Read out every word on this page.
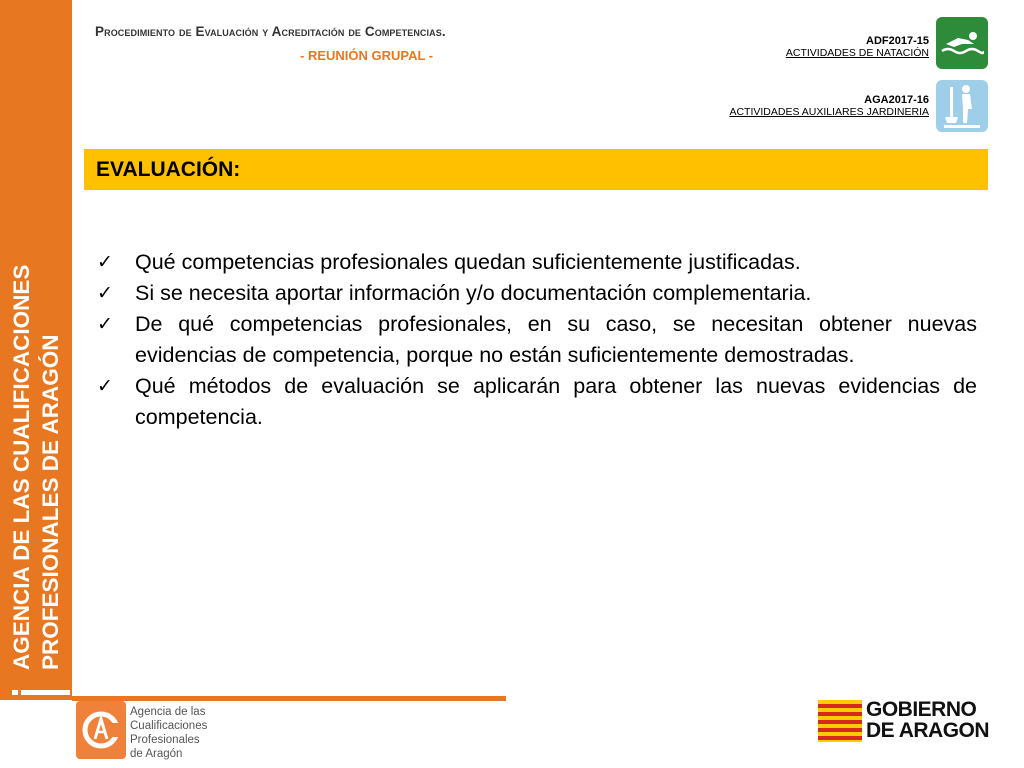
AGENCIA DE LAS CUALIFICACIONES PROFESIONALES DE ARAGÓN
Procedimiento de Evaluación y Acreditación de Competencias.
- REUNIÓN GRUPAL -
ADF2017-15
ACTIVIDADES DE NATACIÓN
AGA2017-16
ACTIVIDADES AUXILIARES JARDINERIA
EVALUACIÓN:
✓ Qué competencias profesionales quedan suficientemente justificadas.
✓ Si se necesita aportar información y/o documentación complementaria.
✓ De qué competencias profesionales, en su caso, se necesitan obtener nuevas evidencias de competencia, porque no están suficientemente demostradas.
✓ Qué métodos de evaluación se aplicarán para obtener las nuevas evidencias de competencia.
Agencia de las
Cualificaciones
Profesionales
de Aragón
GOBIERNO
DE ARAGON
